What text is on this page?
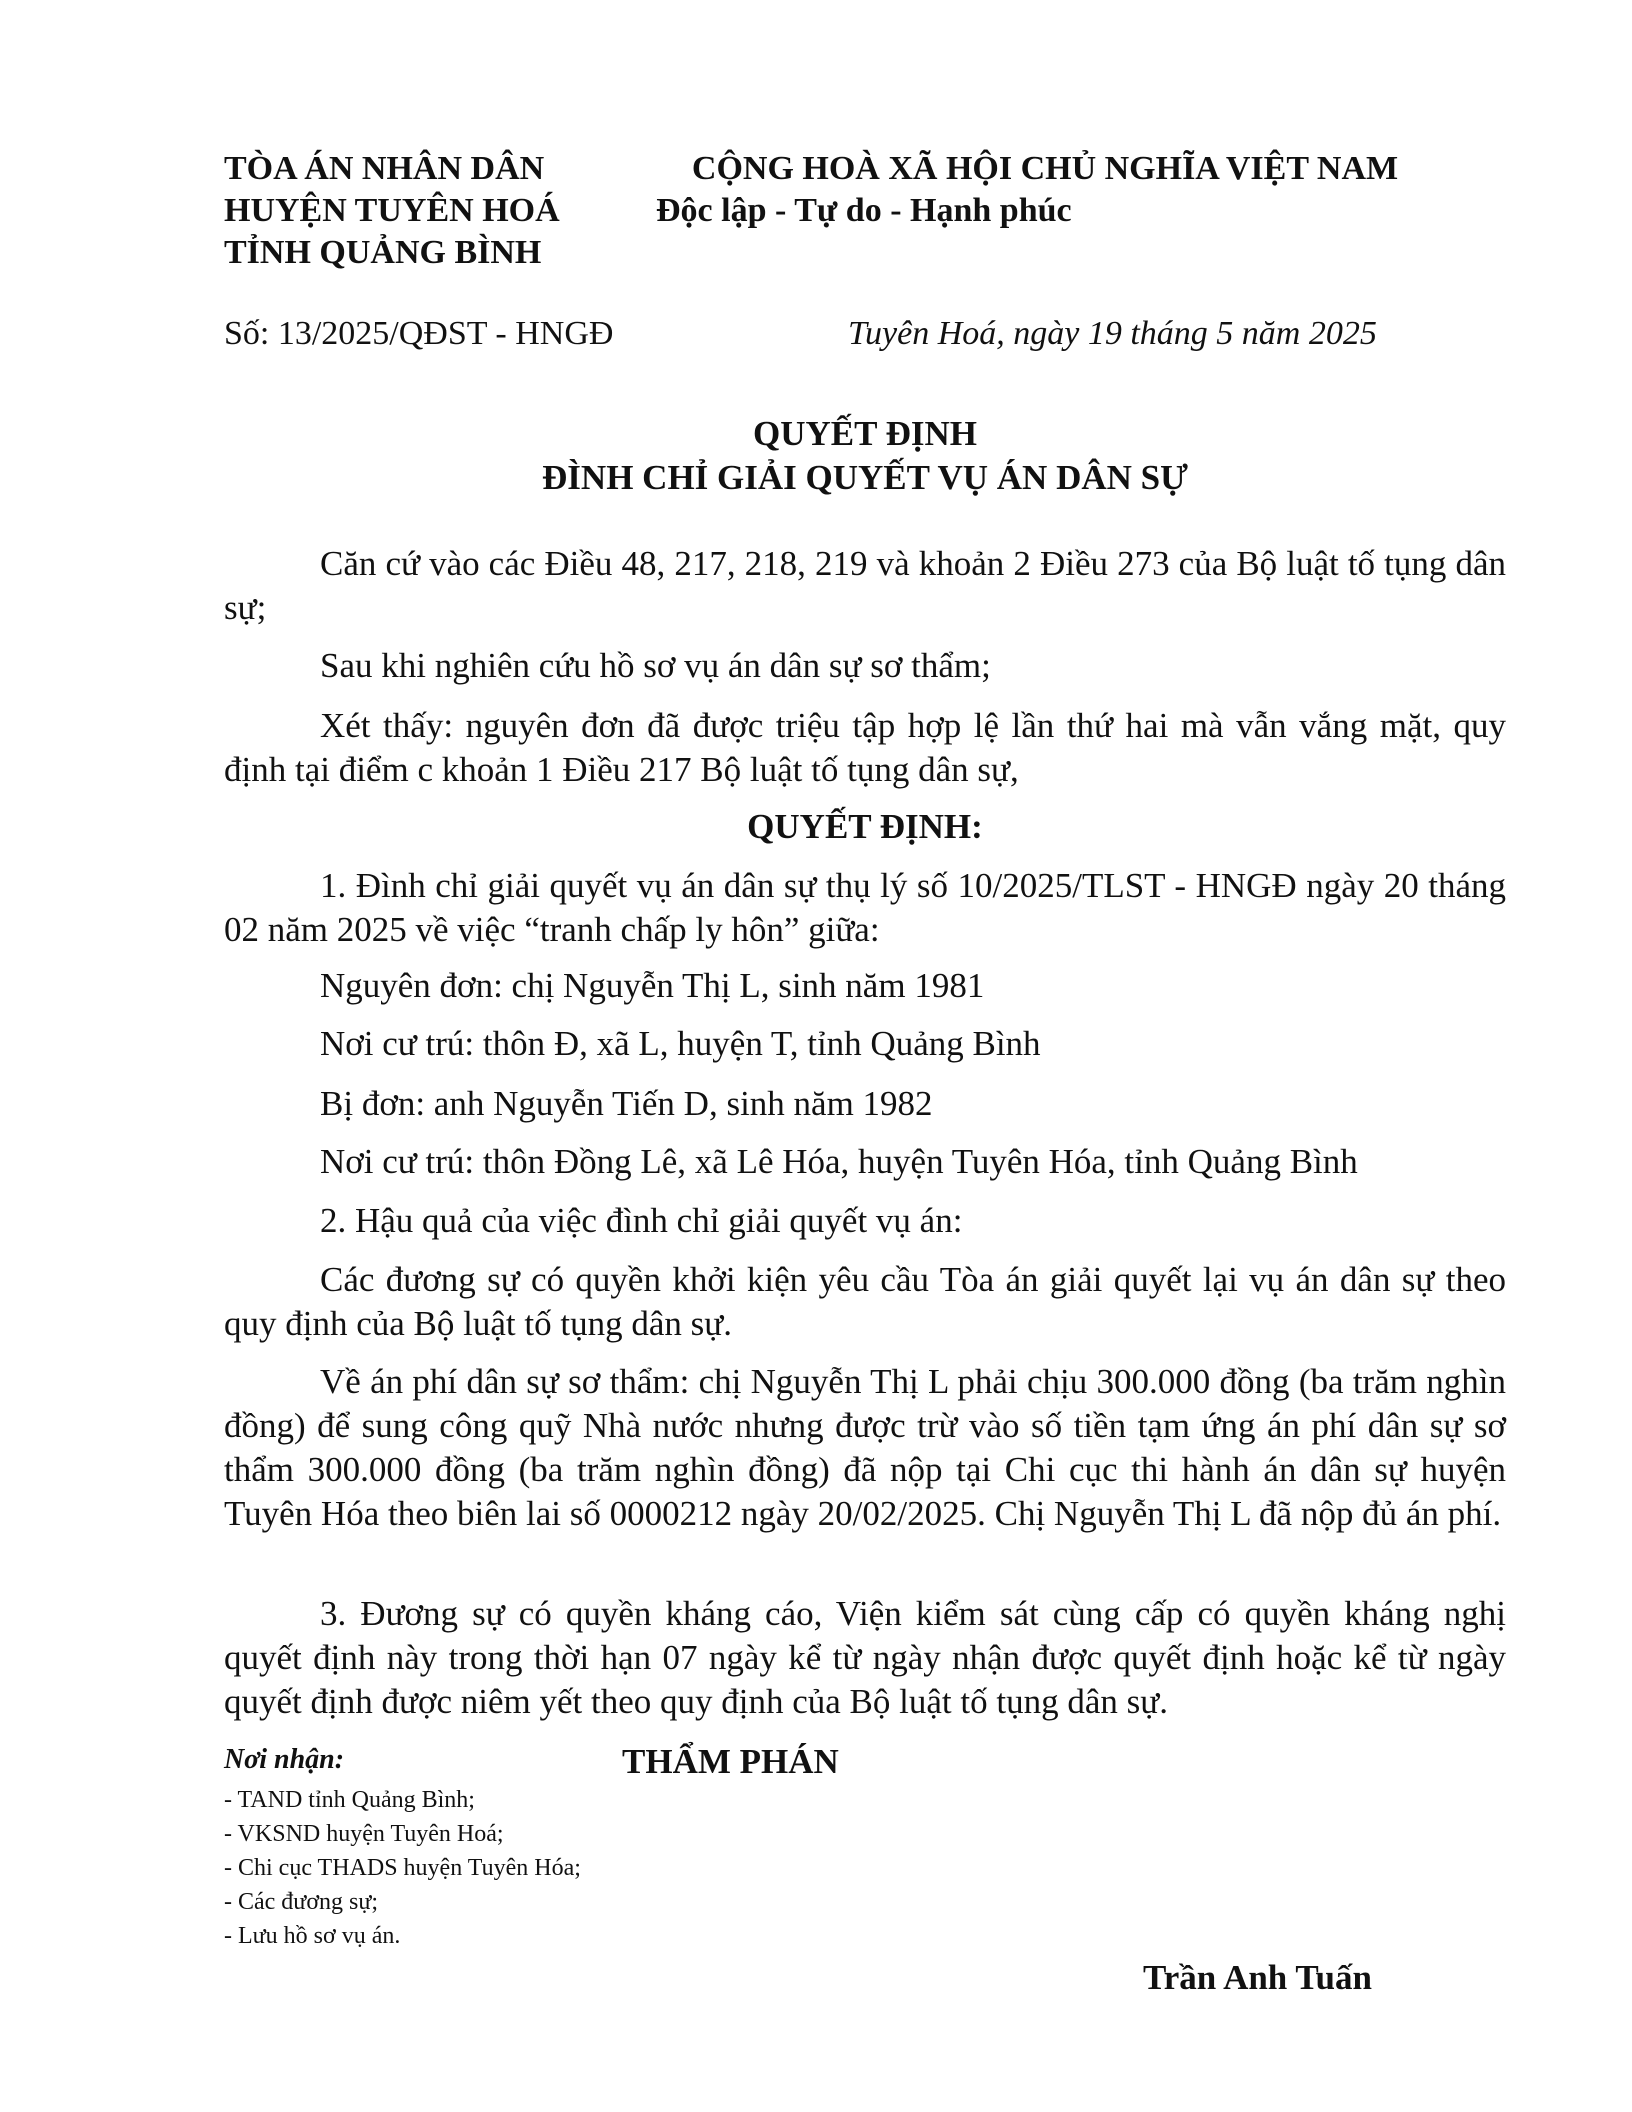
TÒA ÁN NHÂN DÂN
HUYỆN TUYÊN HOÁ
TỈNH QUẢNG BÌNH
CỘNG HOÀ XÃ HỘI CHỦ NGHĨA VIỆT NAM
Độc lập - Tự do - Hạnh phúc
Số: 13/2025/QĐST - HNGĐ	Tuyên Hoá, ngày 19 tháng 5 năm 2025
QUYẾT ĐỊNH
ĐÌNH CHỈ GIẢI QUYẾT VỤ ÁN DÂN SỰ
Căn cứ vào các Điều 48, 217, 218, 219 và khoản 2 Điều 273 của Bộ luật tố tụng dân sự;
Sau khi nghiên cứu hồ sơ vụ án dân sự sơ thẩm;
Xét thấy: nguyên đơn đã được triệu tập hợp lệ lần thứ hai mà vẫn vắng mặt, quy định tại điểm c khoản 1 Điều 217 Bộ luật tố tụng dân sự,
QUYẾT ĐỊNH:
1. Đình chỉ giải quyết vụ án dân sự thụ lý số 10/2025/TLST - HNGĐ ngày 20 tháng 02 năm 2025 về việc “tranh chấp ly hôn” giữa:
Nguyên đơn: chị Nguyễn Thị L, sinh năm 1981
Nơi cư trú: thôn Đ, xã L, huyện T, tỉnh Quảng Bình
Bị đơn: anh Nguyễn Tiến D, sinh năm 1982
Nơi cư trú: thôn Đồng Lê, xã Lê Hóa, huyện Tuyên Hóa, tỉnh Quảng Bình
2. Hậu quả của việc đình chỉ giải quyết vụ án:
Các đương sự có quyền khởi kiện yêu cầu Tòa án giải quyết lại vụ án dân sự theo quy định của Bộ luật tố tụng dân sự.
Về án phí dân sự sơ thẩm: chị Nguyễn Thị L phải chịu 300.000 đồng (ba trăm nghìn đồng) để sung công quỹ Nhà nước nhưng được trừ vào số tiền tạm ứng án phí dân sự sơ thẩm 300.000 đồng (ba trăm nghìn đồng) đã nộp tại Chi cục thi hành án dân sự huyện Tuyên Hóa theo biên lai số 0000212 ngày 20/02/2025. Chị Nguyễn Thị L đã nộp đủ án phí.
3. Đương sự có quyền kháng cáo, Viện kiểm sát cùng cấp có quyền kháng nghị quyết định này trong thời hạn 07 ngày kể từ ngày nhận được quyết định hoặc kể từ ngày quyết định được niêm yết theo quy định của Bộ luật tố tụng dân sự.
Nơi nhận:
- TAND tỉnh Quảng Bình;
- VKSND huyện Tuyên Hoá;
- Chi cục THADS huyện Tuyên Hóa;
- Các đương sự;
- Lưu hồ sơ vụ án.
THẨM PHÁN
Trần Anh Tuấn
